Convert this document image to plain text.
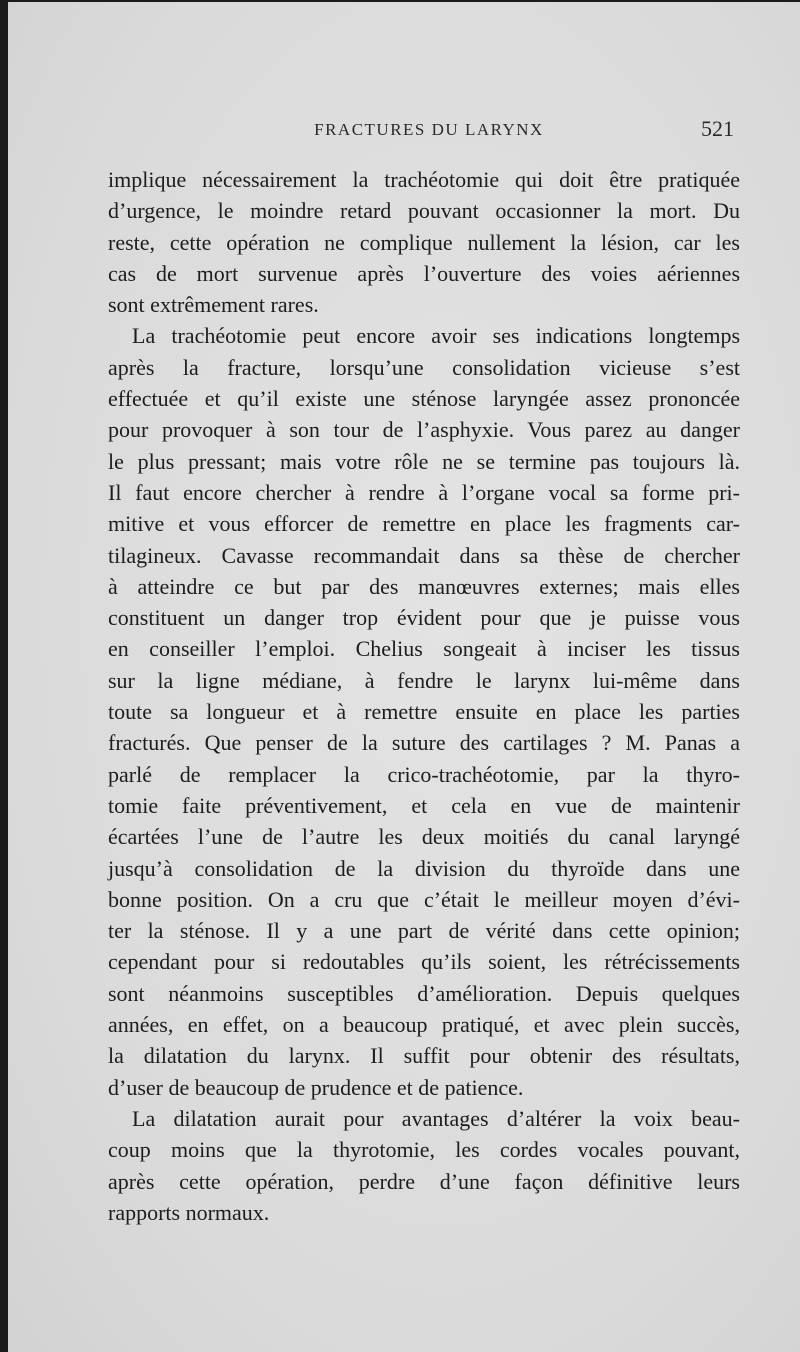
FRACTURES DU LARYNX	521
implique nécessairement la trachéotomie qui doit être pratiquée
d’urgence, le moindre retard pouvant occasionner la mort. Du
reste, cette opération ne complique nullement la lésion, car les
cas de mort survenue après l’ouverture des voies aériennes
sont extrêmement rares.
La trachéotomie peut encore avoir ses indications longtemps
après la fracture, lorsqu’une consolidation vicieuse s’est
effectuée et qu’il existe une sténose laryngée assez prononcée
pour provoquer à son tour de l’asphyxie. Vous parez au danger
le plus pressant; mais votre rôle ne se termine pas toujours là.
Il faut encore chercher à rendre à l’organe vocal sa forme pri-
mitive et vous efforcer de remettre en place les fragments car-
tilagineux. Cavasse recommandait dans sa thèse de chercher
à atteindre ce but par des manœuvres externes; mais elles
constituent un danger trop évident pour que je puisse vous
en conseiller l’emploi. Chelius songeait à inciser les tissus
sur la ligne médiane, à fendre le larynx lui-même dans
toute sa longueur et à remettre ensuite en place les parties
fracturés. Que penser de la suture des cartilages ? M. Panas a
parlé de remplacer la crico-trachéotomie, par la thyro-
tomie faite préventivement, et cela en vue de maintenir
écartées l’une de l’autre les deux moitiés du canal laryngé
jusqu’à consolidation de la division du thyroïde dans une
bonne position. On a cru que c’était le meilleur moyen d’évi-
ter la sténose. Il y a une part de vérité dans cette opinion;
cependant pour si redoutables qu’ils soient, les rétrécissements
sont néanmoins susceptibles d’amélioration. Depuis quelques
années, en effet, on a beaucoup pratiqué, et avec plein succès,
la dilatation du larynx. Il suffit pour obtenir des résultats,
d’user de beaucoup de prudence et de patience.
La dilatation aurait pour avantages d’altérer la voix beau-
coup moins que la thyrotomie, les cordes vocales pouvant,
après cette opération, perdre d’une façon définitive leurs
rapports normaux.
